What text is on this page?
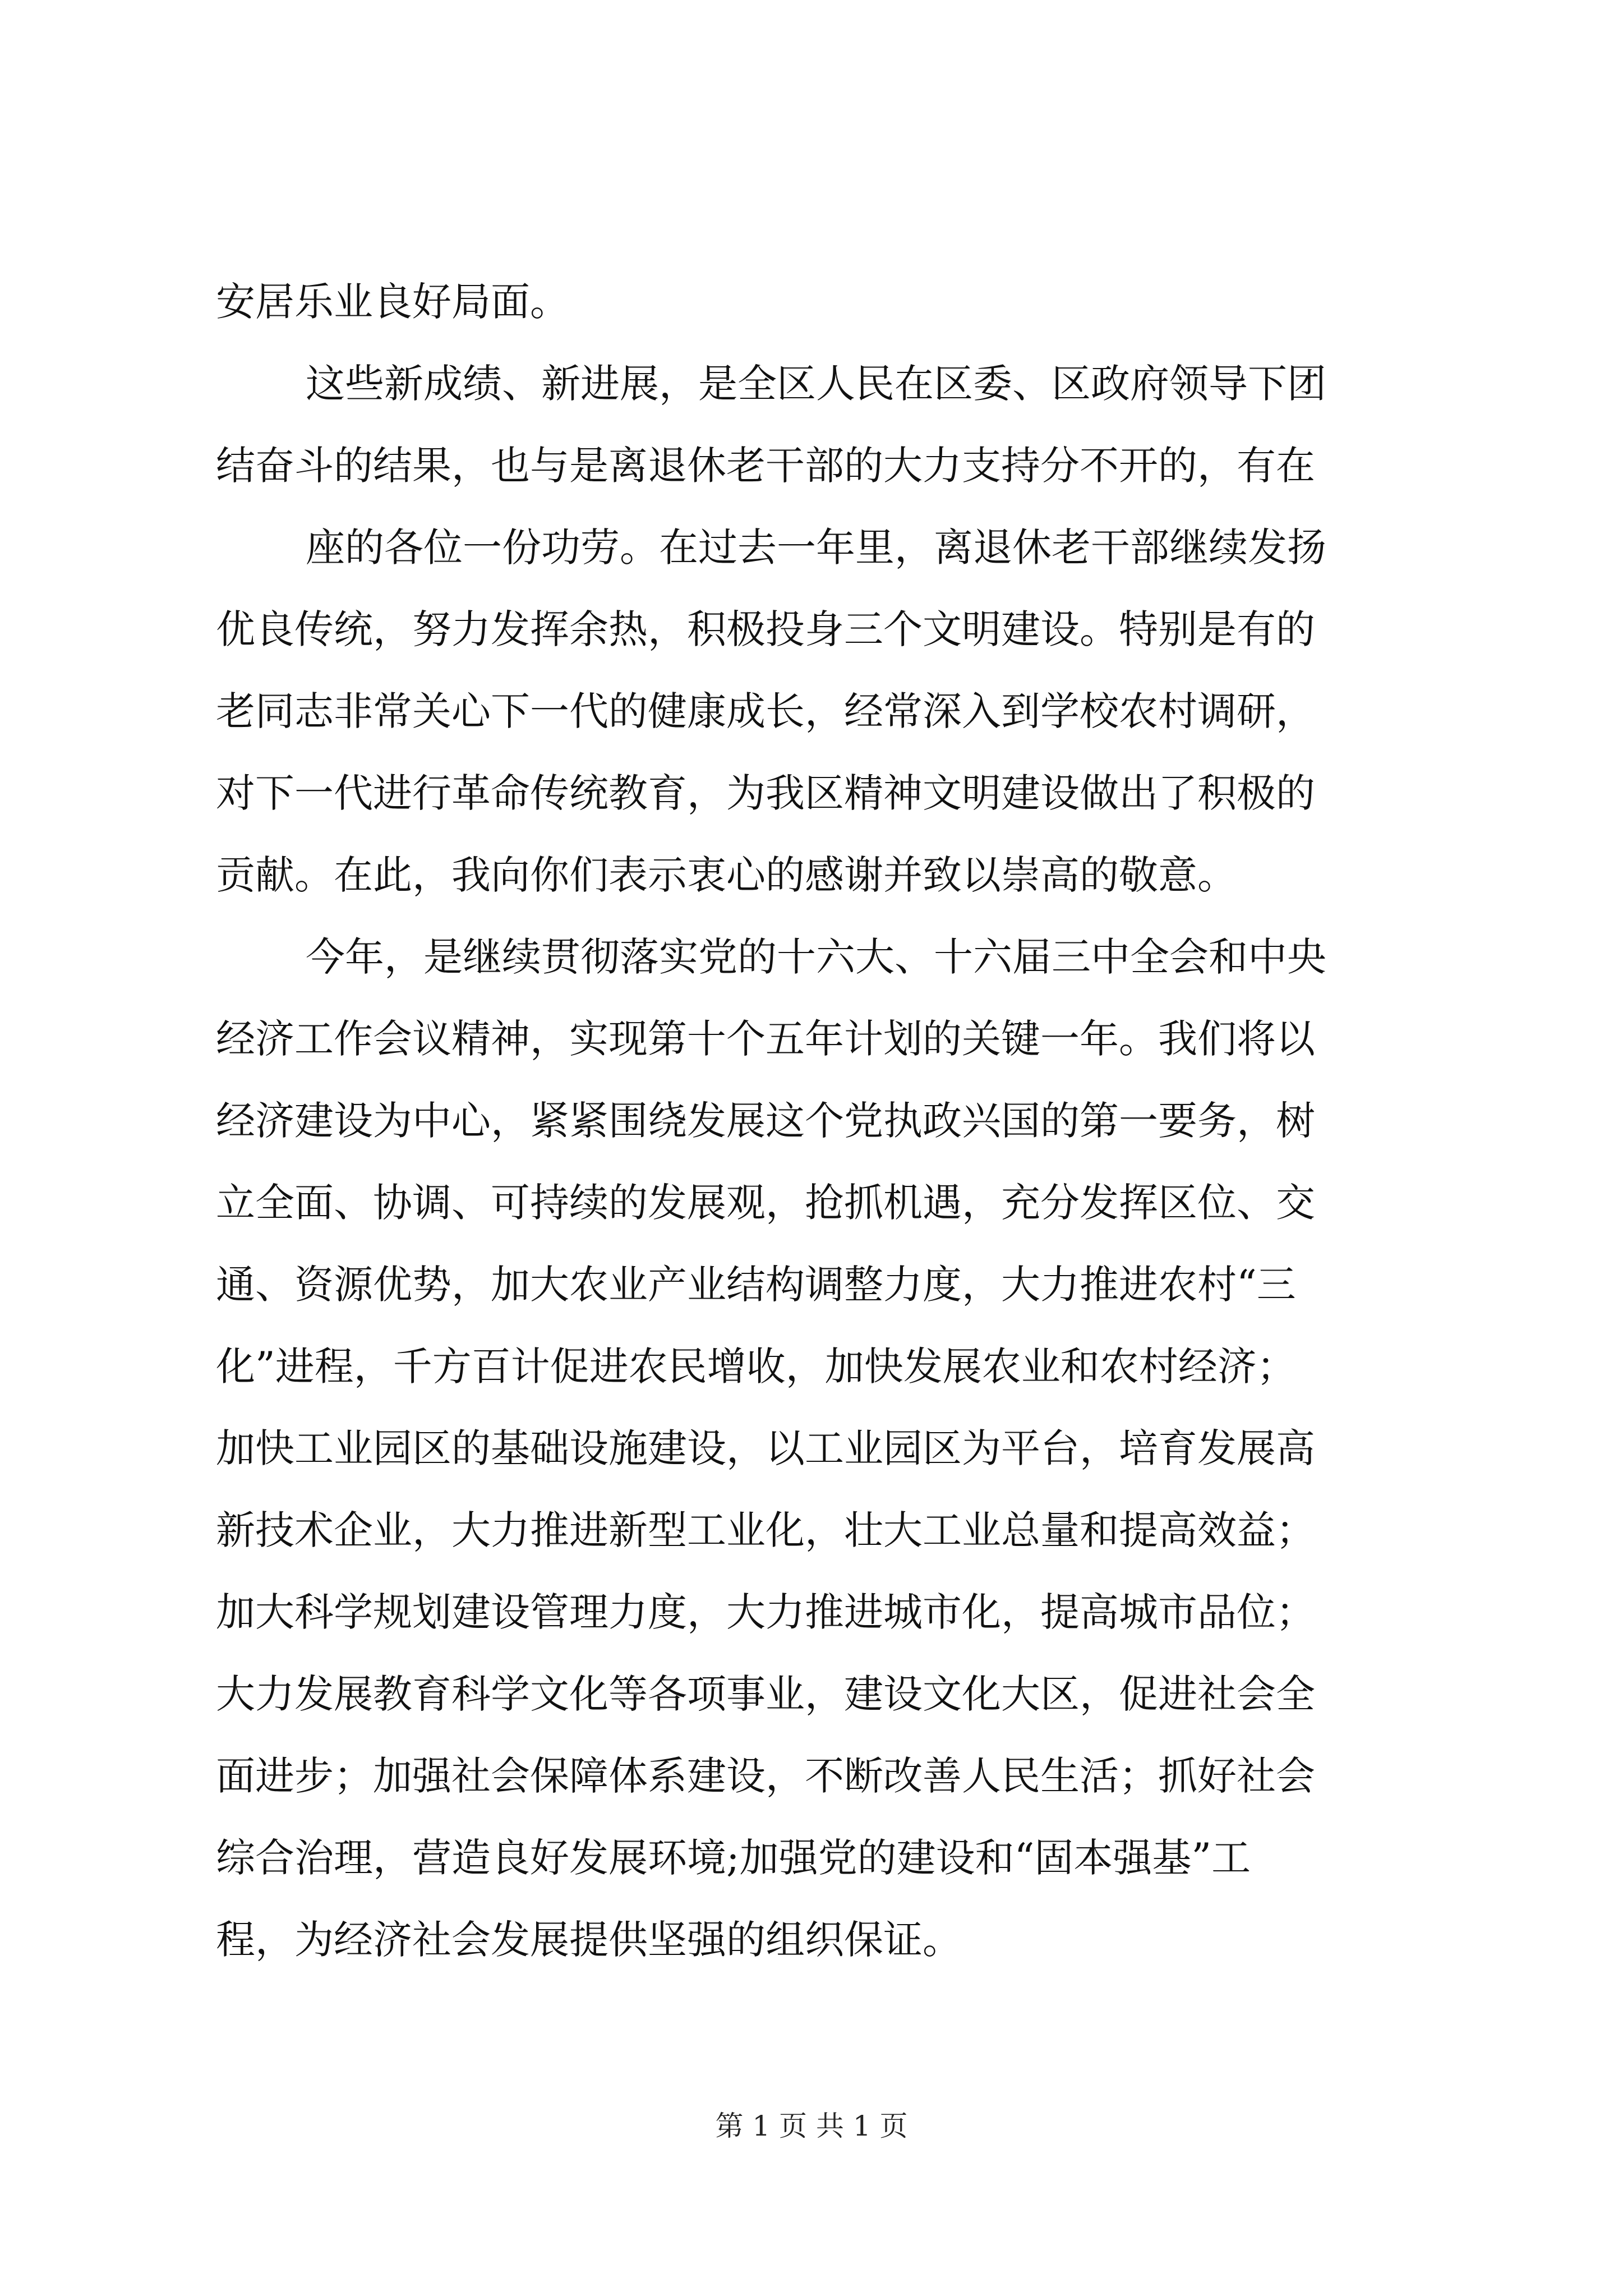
安居乐业良好局面。
这些新成绩、新进展，是全区人民在区委、区政府领导下团
结奋斗的结果，也与是离退休老干部的大力支持分不开的，有在
座的各位一份功劳。在过去一年里，离退休老干部继续发扬
优良传统，努力发挥余热，积极投身三个文明建设。特别是有的
老同志非常关心下一代的健康成长，经常深入到学校农村调研，
对下一代进行革命传统教育，为我区精神文明建设做出了积极的
贡献。在此，我向你们表示衷心的感谢并致以崇高的敬意。
今年，是继续贯彻落实党的十六大、十六届三中全会和中央
经济工作会议精神，实现第十个五年计划的关键一年。我们将以
经济建设为中心，紧紧围绕发展这个党执政兴国的第一要务，树
立全面、协调、可持续的发展观，抢抓机遇，充分发挥区位、交
通、资源优势，加大农业产业结构调整力度，大力推进农村“三
化”进程，千方百计促进农民增收，加快发展农业和农村经济；
加快工业园区的基础设施建设，以工业园区为平台，培育发展高
新技术企业，大力推进新型工业化，壮大工业总量和提高效益；
加大科学规划建设管理力度，大力推进城市化，提高城市品位；
大力发展教育科学文化等各项事业，建设文化大区，促进社会全
面进步；加强社会保障体系建设，不断改善人民生活；抓好社会
综合治理，营造良好发展环境;加强党的建设和“固本强基”工
程，为经济社会发展提供坚强的组织保证。
第 1 页 共 1 页
